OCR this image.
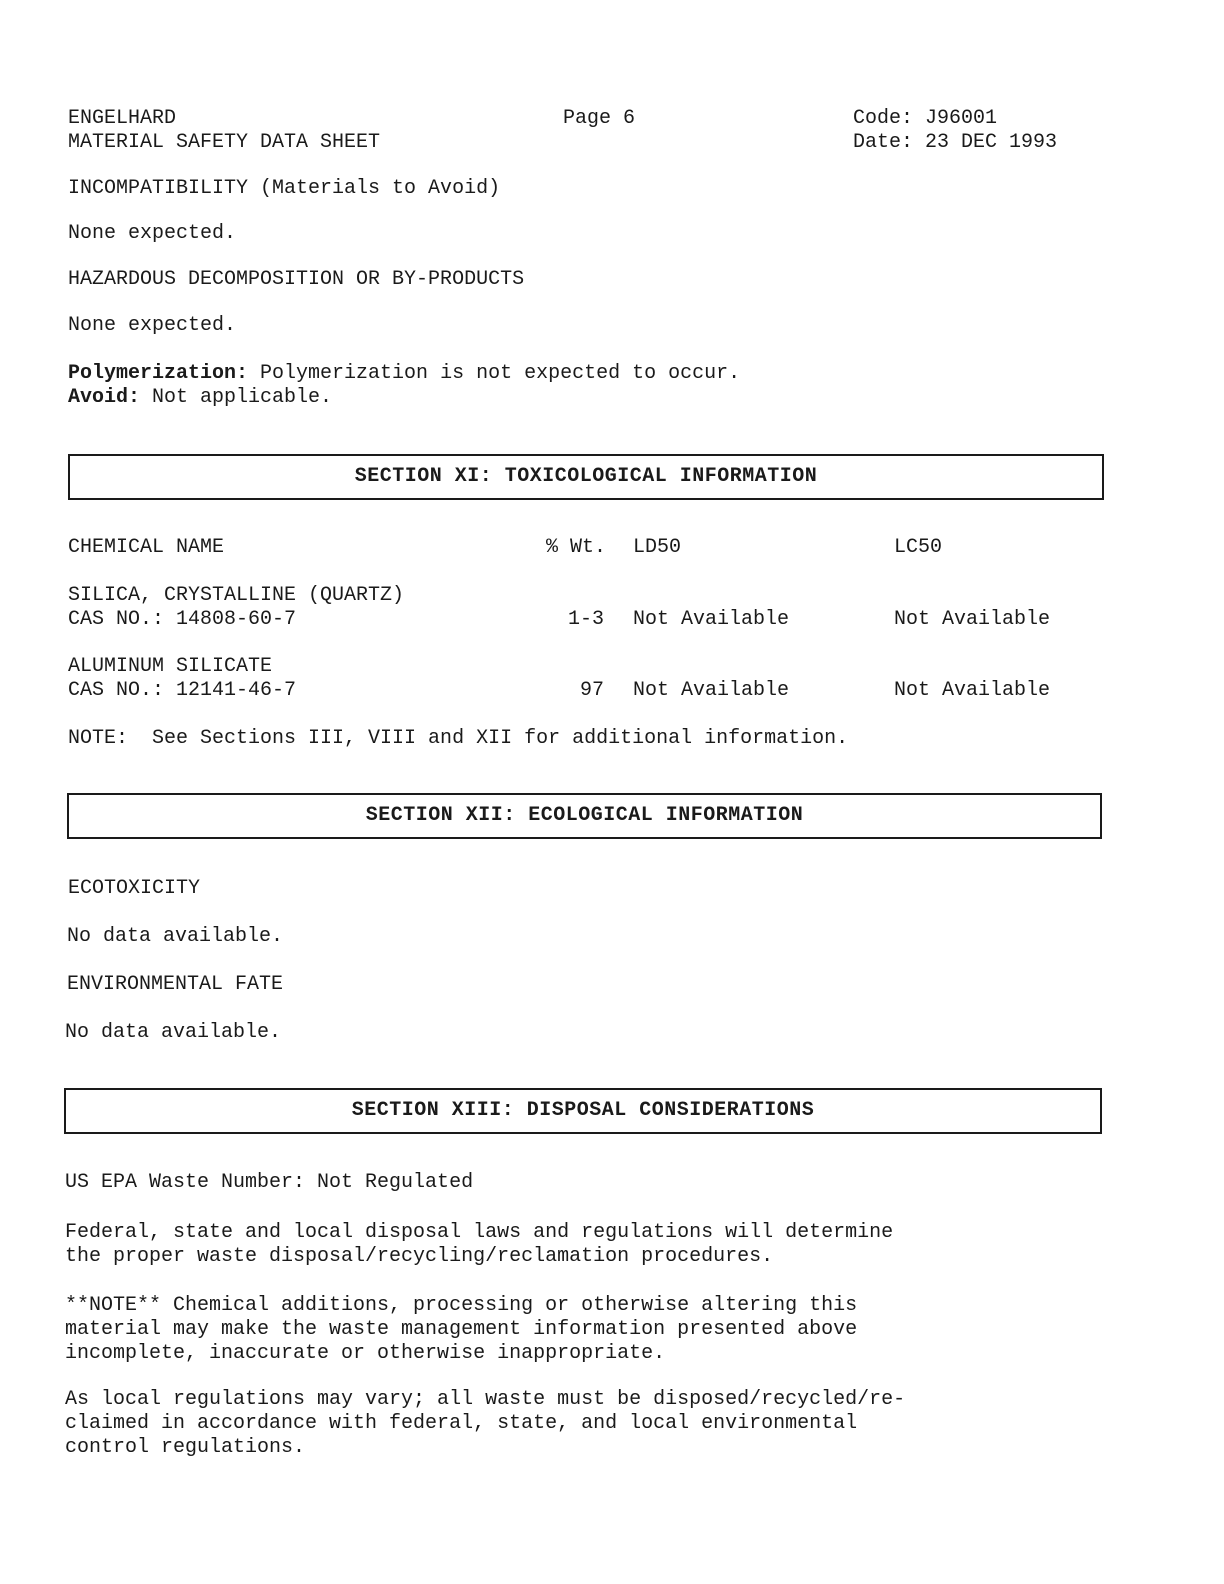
ENGELHARD
MATERIAL SAFETY DATA SHEET
Page 6	Code: J96001
Date: 23 DEC 1993
INCOMPATIBILITY (Materials to Avoid)
None expected.
HAZARDOUS DECOMPOSITION OR BY-PRODUCTS
None expected.
Polymerization: Polymerization is not expected to occur.
Avoid: Not applicable.
SECTION XI: TOXICOLOGICAL INFORMATION
CHEMICAL NAME	% Wt. LD50	LC50
SILICA, CRYSTALLINE (QUARTZ)
CAS NO.: 14808-60-7	1-3 Not Available	Not Available
ALUMINUM SILICATE
CAS NO.: 12141-46-7	97 Not Available	Not Available
NOTE:  See Sections III, VIII and XII for additional information.
SECTION XII: ECOLOGICAL INFORMATION
ECOTOXICITY
No data available.
ENVIRONMENTAL FATE
No data available.
SECTION XIII: DISPOSAL CONSIDERATIONS
US EPA Waste Number: Not Regulated
Federal, state and local disposal laws and regulations will determine
the proper waste disposal/recycling/reclamation procedures.
**NOTE** Chemical additions, processing or otherwise altering this
material may make the waste management information presented above
incomplete, inaccurate or otherwise inappropriate.
As local regulations may vary; all waste must be disposed/recycled/re-
claimed in accordance with federal, state, and local environmental
control regulations.
